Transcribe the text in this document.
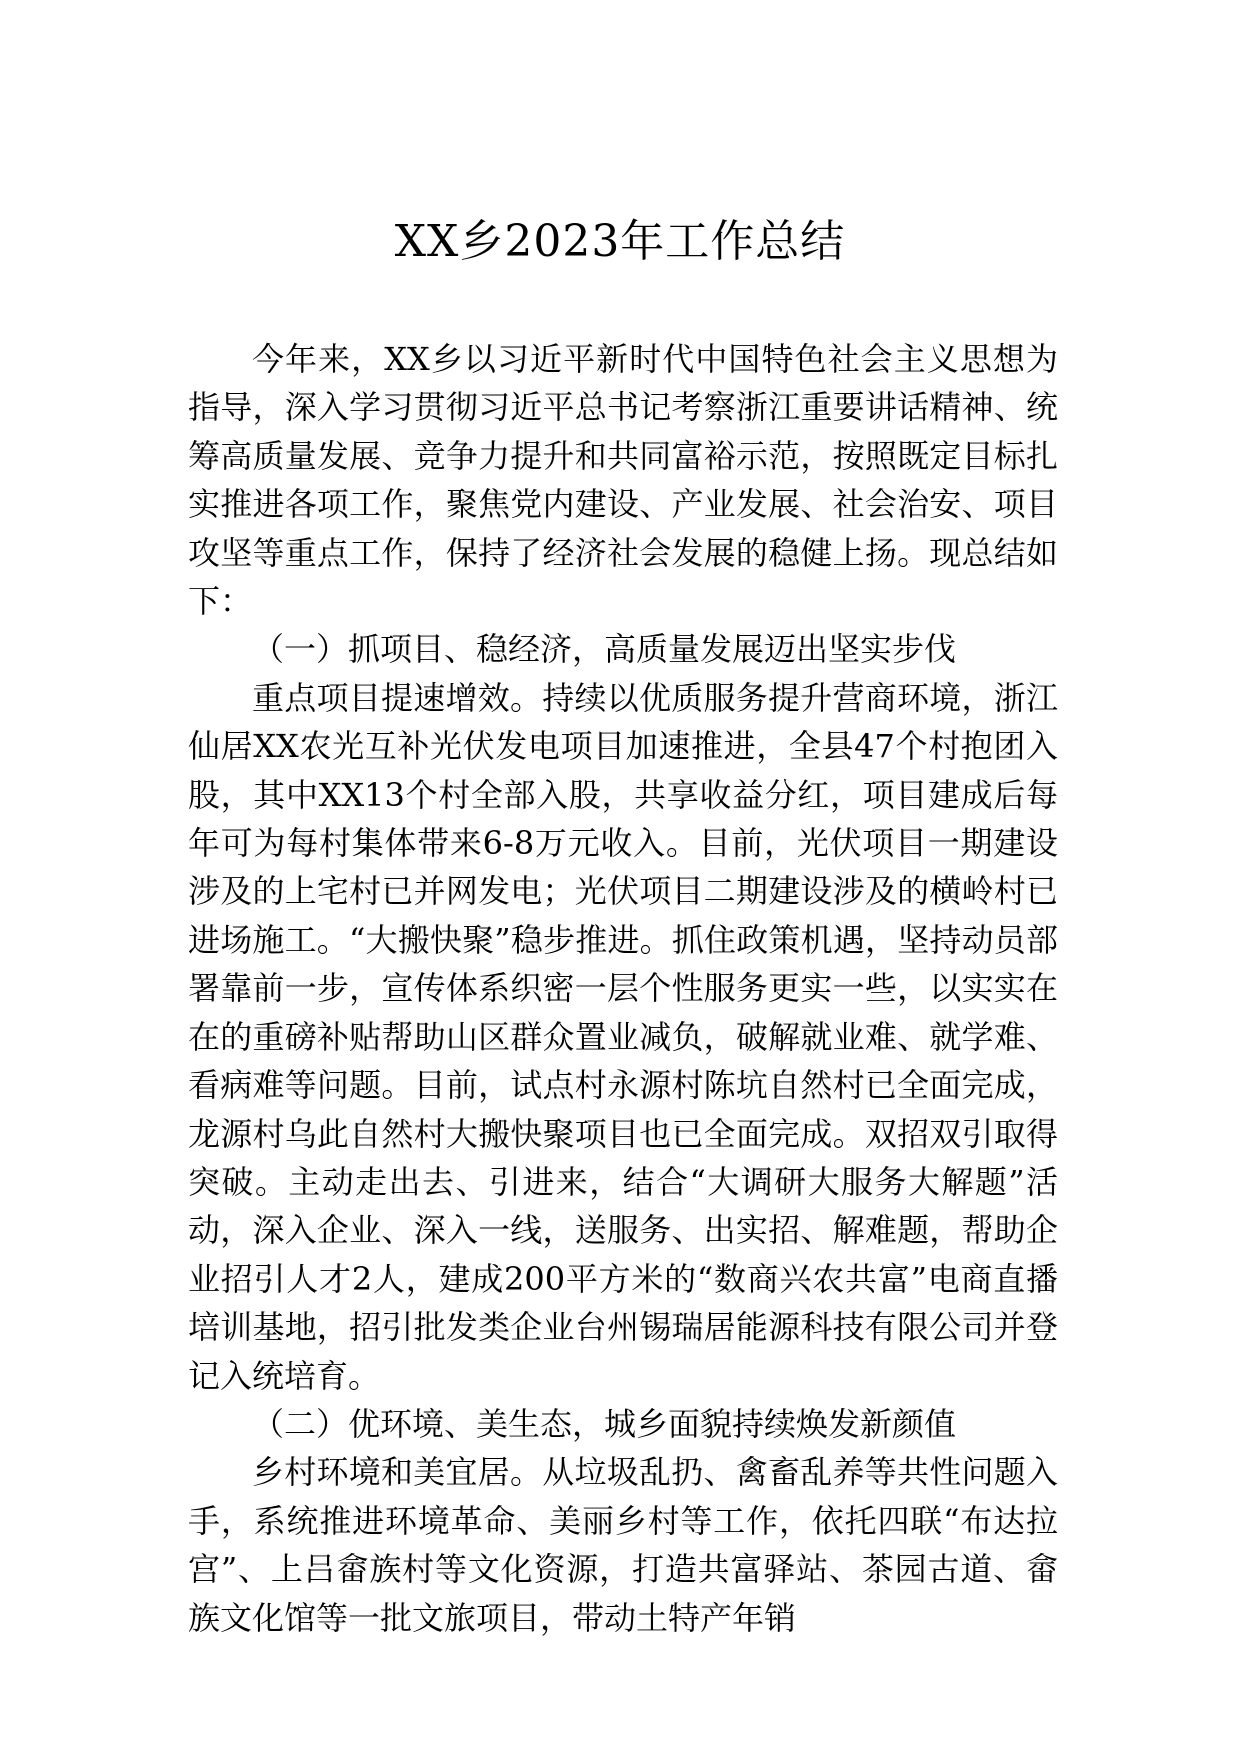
XX乡2023年工作总结

今年来，XX乡以习近平新时代中国特色社会主义思想为指导，深入学习贯彻习近平总书记考察浙江重要讲话精神、统筹高质量发展、竞争力提升和共同富裕示范，按照既定目标扎实推进各项工作，聚焦党内建设、产业发展、社会治安、项目攻坚等重点工作，保持了经济社会发展的稳健上扬。现总结如下：

（一）抓项目、稳经济，高质量发展迈出坚实步伐

重点项目提速增效。持续以优质服务提升营商环境，浙江仙居XX农光互补光伏发电项目加速推进，全县47个村抱团入股，其中XX13个村全部入股，共享收益分红，项目建成后每年可为每村集体带来6-8万元收入。目前，光伏项目一期建设涉及的上宅村已并网发电；光伏项目二期建设涉及的横岭村已进场施工。“大搬快聚”稳步推进。抓住政策机遇，坚持动员部署靠前一步，宣传体系织密一层个性服务更实一些，以实实在在的重磅补贴帮助山区群众置业减负，破解就业难、就学难、看病难等问题。目前，试点村永源村陈坑自然村已全面完成，龙源村乌此自然村大搬快聚项目也已全面完成。双招双引取得突破。主动走出去、引进来，结合“大调研大服务大解题”活动，深入企业、深入一线，送服务、出实招、解难题，帮助企业招引人才2人，建成200平方米的“数商兴农共富”电商直播培训基地，招引批发类企业台州锡瑞居能源科技有限公司并登记入统培育。

（二）优环境、美生态，城乡面貌持续焕发新颜值

乡村环境和美宜居。从垃圾乱扔、禽畜乱养等共性问题入手，系统推进环境革命、美丽乡村等工作，依托四联“布达拉宫”、上吕畲族村等文化资源，打造共富驿站、茶园古道、畲族文化馆等一批文旅项目，带动土特产年销
